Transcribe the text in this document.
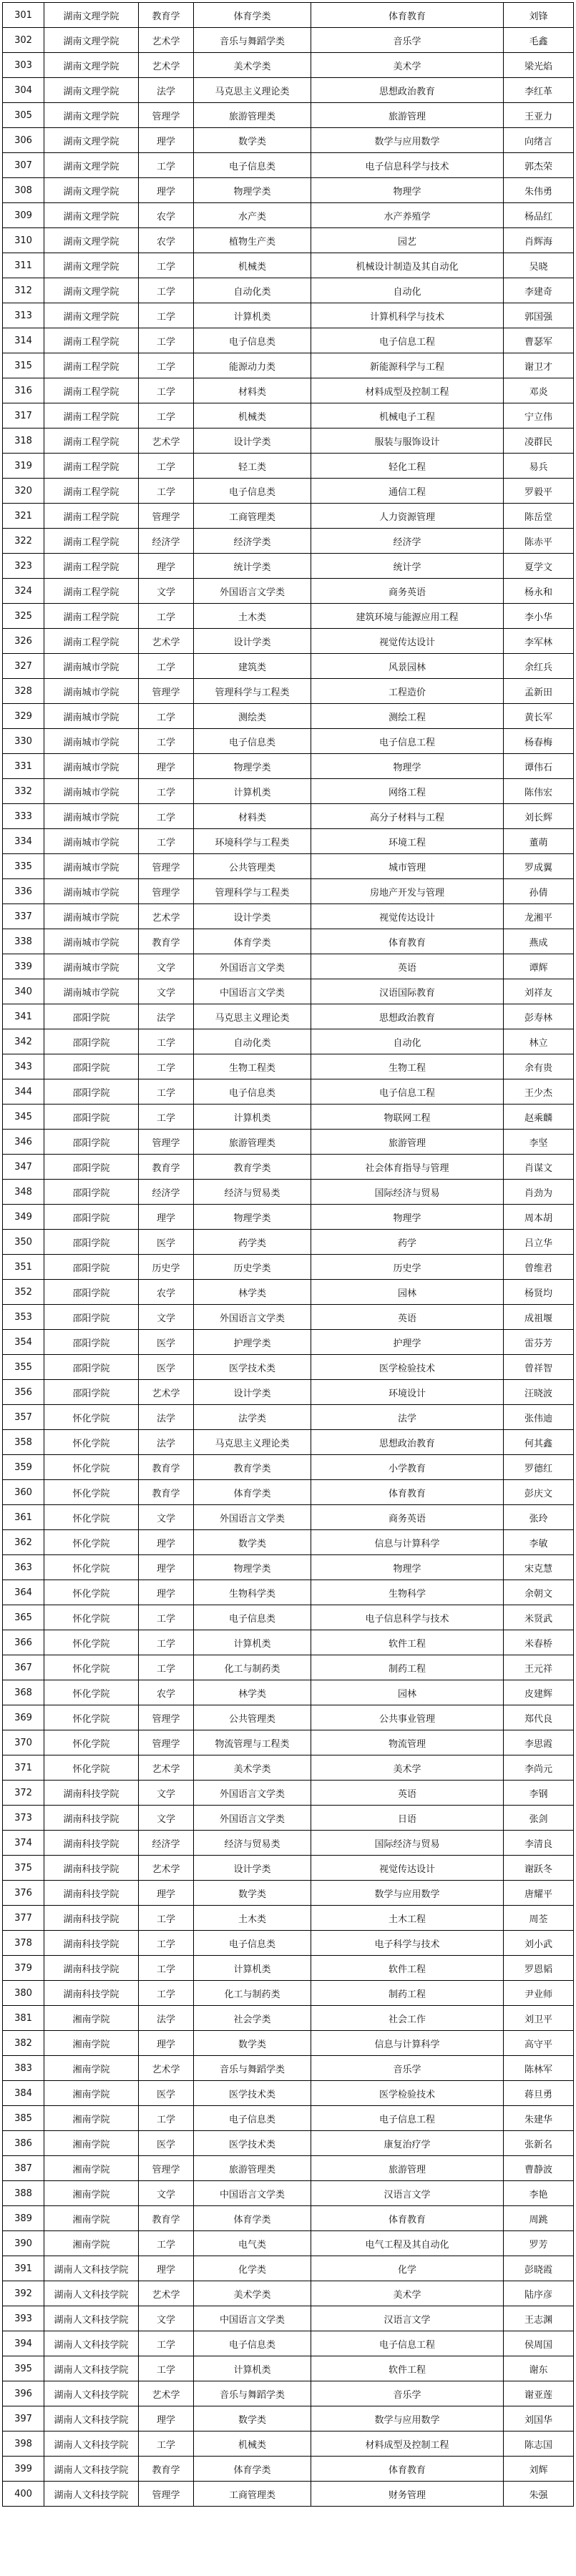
301	湖南文理学院	教育学	体育学类	体育教育	刘锋
302	湖南文理学院	艺术学	音乐与舞蹈学类	音乐学	毛鑫
303	湖南文理学院	艺术学	美术学类	美术学	梁光焰
304	湖南文理学院	法学	马克思主义理论类	思想政治教育	李红革
305	湖南文理学院	管理学	旅游管理类	旅游管理	王亚力
306	湖南文理学院	理学	数学类	数学与应用数学	向绪言
307	湖南文理学院	工学	电子信息类	电子信息科学与技术	郭杰荣
308	湖南文理学院	理学	物理学类	物理学	朱伟勇
309	湖南文理学院	农学	水产类	水产养殖学	杨品红
310	湖南文理学院	农学	植物生产类	园艺	肖辉海
311	湖南文理学院	工学	机械类	机械设计制造及其自动化	吴晓
312	湖南文理学院	工学	自动化类	自动化	李建奇
313	湖南文理学院	工学	计算机类	计算机科学与技术	郭国强
314	湖南工程学院	工学	电子信息类	电子信息工程	曹瑟军
315	湖南工程学院	工学	能源动力类	新能源科学与工程	谢卫才
316	湖南工程学院	工学	材料类	材料成型及控制工程	邓炎
317	湖南工程学院	工学	机械类	机械电子工程	宁立伟
318	湖南工程学院	艺术学	设计学类	服装与服饰设计	凌群民
319	湖南工程学院	工学	轻工类	轻化工程	易兵
320	湖南工程学院	工学	电子信息类	通信工程	罗毅平
321	湖南工程学院	管理学	工商管理类	人力资源管理	陈岳堂
322	湖南工程学院	经济学	经济学类	经济学	陈赤平
323	湖南工程学院	理学	统计学类	统计学	夏学文
324	湖南工程学院	文学	外国语言文学类	商务英语	杨永和
325	湖南工程学院	工学	土木类	建筑环境与能源应用工程	李小华
326	湖南工程学院	艺术学	设计学类	视觉传达设计	李军林
327	湖南城市学院	工学	建筑类	风景园林	余红兵
328	湖南城市学院	管理学	管理科学与工程类	工程造价	孟新田
329	湖南城市学院	工学	测绘类	测绘工程	黄长军
330	湖南城市学院	工学	电子信息类	电子信息工程	杨春梅
331	湖南城市学院	理学	物理学类	物理学	谭伟石
332	湖南城市学院	工学	计算机类	网络工程	陈伟宏
333	湖南城市学院	工学	材料类	高分子材料与工程	刘长辉
334	湖南城市学院	工学	环境科学与工程类	环境工程	董萌
335	湖南城市学院	管理学	公共管理类	城市管理	罗成翼
336	湖南城市学院	管理学	管理科学与工程类	房地产开发与管理	孙倩
337	湖南城市学院	艺术学	设计学类	视觉传达设计	龙湘平
338	湖南城市学院	教育学	体育学类	体育教育	燕成
339	湖南城市学院	文学	外国语言文学类	英语	谭辉
340	湖南城市学院	文学	中国语言文学类	汉语国际教育	刘祥友
341	邵阳学院	法学	马克思主义理论类	思想政治教育	彭寿林
342	邵阳学院	工学	自动化类	自动化	林立
343	邵阳学院	工学	生物工程类	生物工程	余有贵
344	邵阳学院	工学	电子信息类	电子信息工程	王少杰
345	邵阳学院	工学	计算机类	物联网工程	赵乘麟
346	邵阳学院	管理学	旅游管理类	旅游管理	李坚
347	邵阳学院	教育学	教育学类	社会体育指导与管理	肖谋文
348	邵阳学院	经济学	经济与贸易类	国际经济与贸易	肖劲为
349	邵阳学院	理学	物理学类	物理学	周本胡
350	邵阳学院	医学	药学类	药学	吕立华
351	邵阳学院	历史学	历史学类	历史学	曾维君
352	邵阳学院	农学	林学类	园林	杨贤均
353	邵阳学院	文学	外国语言文学类	英语	成祖堰
354	邵阳学院	医学	护理学类	护理学	雷芬芳
355	邵阳学院	医学	医学技术类	医学检验技术	曾祥智
356	邵阳学院	艺术学	设计学类	环境设计	汪晓波
357	怀化学院	法学	法学类	法学	张伟迪
358	怀化学院	法学	马克思主义理论类	思想政治教育	何其鑫
359	怀化学院	教育学	教育学类	小学教育	罗德红
360	怀化学院	教育学	体育学类	体育教育	彭庆文
361	怀化学院	文学	外国语言文学类	商务英语	张玲
362	怀化学院	理学	数学类	信息与计算科学	李敏
363	怀化学院	理学	物理学类	物理学	宋克慧
364	怀化学院	理学	生物科学类	生物科学	余朝文
365	怀化学院	工学	电子信息类	电子信息科学与技术	米贤武
366	怀化学院	工学	计算机类	软件工程	米春桥
367	怀化学院	工学	化工与制药类	制药工程	王元祥
368	怀化学院	农学	林学类	园林	皮建辉
369	怀化学院	管理学	公共管理类	公共事业管理	郑代良
370	怀化学院	管理学	物流管理与工程类	物流管理	李思霞
371	怀化学院	艺术学	美术学类	美术学	李尚元
372	湖南科技学院	文学	外国语言文学类	英语	李钢
373	湖南科技学院	文学	外国语言文学类	日语	张剑
374	湖南科技学院	经济学	经济与贸易类	国际经济与贸易	李清良
375	湖南科技学院	艺术学	设计学类	视觉传达设计	谢跃冬
376	湖南科技学院	理学	数学类	数学与应用数学	唐耀平
377	湖南科技学院	工学	土木类	土木工程	周荃
378	湖南科技学院	工学	电子信息类	电子科学与技术	刘小武
379	湖南科技学院	工学	计算机类	软件工程	罗恩韬
380	湖南科技学院	工学	化工与制药类	制药工程	尹业师
381	湘南学院	法学	社会学类	社会工作	刘卫平
382	湘南学院	理学	数学类	信息与计算科学	高守平
383	湘南学院	艺术学	音乐与舞蹈学类	音乐学	陈林军
384	湘南学院	医学	医学技术类	医学检验技术	蒋旦勇
385	湘南学院	工学	电子信息类	电子信息工程	朱建华
386	湘南学院	医学	医学技术类	康复治疗学	张新名
387	湘南学院	管理学	旅游管理类	旅游管理	曹静波
388	湘南学院	文学	中国语言文学类	汉语言文学	李艳
389	湘南学院	教育学	体育学类	体育教育	周跳
390	湘南学院	工学	电气类	电气工程及其自动化	罗芳
391	湖南人文科技学院	理学	化学类	化学	彭晓霞
392	湖南人文科技学院	艺术学	美术学类	美术学	陆序彦
393	湖南人文科技学院	文学	中国语言文学类	汉语言文学	王志渊
394	湖南人文科技学院	工学	电子信息类	电子信息工程	侯周国
395	湖南人文科技学院	工学	计算机类	软件工程	谢东
396	湖南人文科技学院	艺术学	音乐与舞蹈学类	音乐学	谢亚莲
397	湖南人文科技学院	理学	数学类	数学与应用数学	刘国华
398	湖南人文科技学院	工学	机械类	材料成型及控制工程	陈志国
399	湖南人文科技学院	教育学	体育学类	体育教育	刘辉
400	湖南人文科技学院	管理学	工商管理类	财务管理	朱强
